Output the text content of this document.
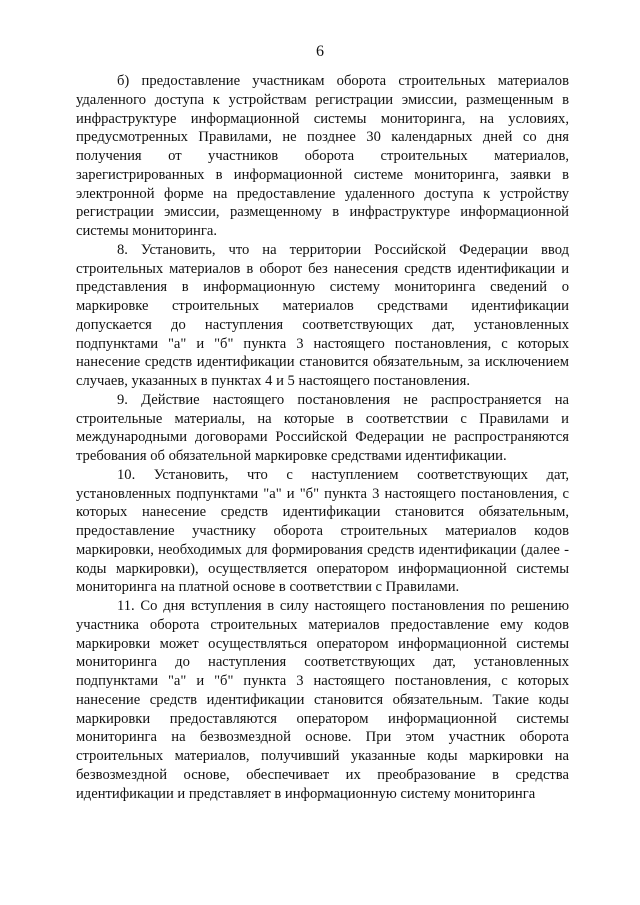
6

б) предоставление участникам оборота строительных материалов удаленного доступа к устройствам регистрации эмиссии, размещенным в инфраструктуре информационной системы мониторинга, на условиях, предусмотренных Правилами, не позднее 30 календарных дней со дня получения от участников оборота строительных материалов, зарегистрированных в информационной системе мониторинга, заявки в электронной форме на предоставление удаленного доступа к устройству регистрации эмиссии, размещенному в инфраструктуре информационной системы мониторинга.

8. Установить, что на территории Российской Федерации ввод строительных материалов в оборот без нанесения средств идентификации и представления в информационную систему мониторинга сведений о маркировке строительных материалов средствами идентификации допускается до наступления соответствующих дат, установленных подпунктами "а" и "б" пункта 3 настоящего постановления, с которых нанесение средств идентификации становится обязательным, за исключением случаев, указанных в пунктах 4 и 5 настоящего постановления.

9. Действие настоящего постановления не распространяется на строительные материалы, на которые в соответствии с Правилами и международными договорами Российской Федерации не распространяются требования об обязательной маркировке средствами идентификации.

10. Установить, что с наступлением соответствующих дат, установленных подпунктами "а" и "б" пункта 3 настоящего постановления, с которых нанесение средств идентификации становится обязательным, предоставление участнику оборота строительных материалов кодов маркировки, необходимых для формирования средств идентификации (далее - коды маркировки), осуществляется оператором информационной системы мониторинга на платной основе в соответствии с Правилами.

11. Со дня вступления в силу настоящего постановления по решению участника оборота строительных материалов предоставление ему кодов маркировки может осуществляться оператором информационной системы мониторинга до наступления соответствующих дат, установленных подпунктами "а" и "б" пункта 3 настоящего постановления, с которых нанесение средств идентификации становится обязательным. Такие коды маркировки предоставляются оператором информационной системы мониторинга на безвозмездной основе. При этом участник оборота строительных материалов, получивший указанные коды маркировки на безвозмездной основе, обеспечивает их преобразование в средства идентификации и представляет в информационную систему мониторинга
